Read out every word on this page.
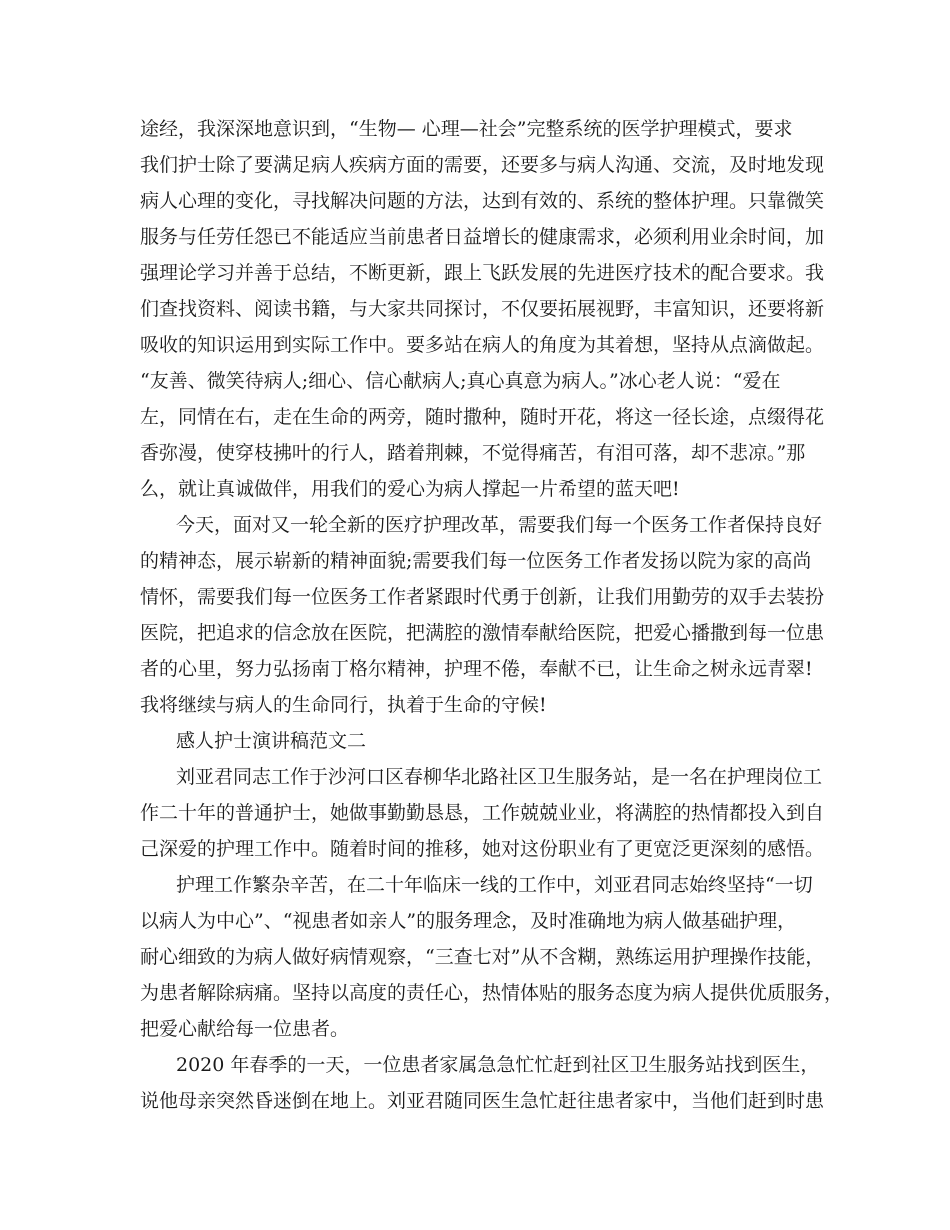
途经，我深深地意识到，“生物— 心理—社会”完整系统的医学护理模式，要求
我们护士除了要满足病人疾病方面的需要，还要多与病人沟通、交流，及时地发现
病人心理的变化，寻找解决问题的方法，达到有效的、系统的整体护理。只靠微笑
服务与任劳任怨已不能适应当前患者日益增长的健康需求，必须利用业余时间，加
强理论学习并善于总结，不断更新，跟上飞跃发展的先进医疗技术的配合要求。我
们查找资料、阅读书籍，与大家共同探讨，不仅要拓展视野，丰富知识，还要将新
吸收的知识运用到实际工作中。要多站在病人的角度为其着想，坚持从点滴做起。
“友善、微笑待病人;细心、信心献病人;真心真意为病人。”冰心老人说：“爱在
左，同情在右，走在生命的两旁，随时撒种，随时开花，将这一径长途，点缀得花
香弥漫，使穿枝拂叶的行人，踏着荆棘，不觉得痛苦，有泪可落，却不悲凉。”那
么，就让真诚做伴，用我们的爱心为病人撑起一片希望的蓝天吧!
今天，面对又一轮全新的医疗护理改革，需要我们每一个医务工作者保持良好
的精神态，展示崭新的精神面貌;需要我们每一位医务工作者发扬以院为家的高尚
情怀，需要我们每一位医务工作者紧跟时代勇于创新，让我们用勤劳的双手去装扮
医院，把追求的信念放在医院，把满腔的激情奉献给医院，把爱心播撒到每一位患
者的心里，努力弘扬南丁格尔精神，护理不倦，奉献不已，让生命之树永远青翠!
我将继续与病人的生命同行，执着于生命的守候!
感人护士演讲稿范文二
刘亚君同志工作于沙河口区春柳华北路社区卫生服务站，是一名在护理岗位工
作二十年的普通护士，她做事勤勤恳恳，工作兢兢业业，将满腔的热情都投入到自
己深爱的护理工作中。随着时间的推移，她对这份职业有了更宽泛更深刻的感悟。
护理工作繁杂辛苦，在二十年临床一线的工作中，刘亚君同志始终坚持“一切
以病人为中心”、“视患者如亲人”的服务理念，及时准确地为病人做基础护理，
耐心细致的为病人做好病情观察，“三查七对”从不含糊，熟练运用护理操作技能，
为患者解除病痛。坚持以高度的责任心，热情体贴的服务态度为病人提供优质服务，
把爱心献给每一位患者。
2020 年春季的一天，一位患者家属急急忙忙赶到社区卫生服务站找到医生，
说他母亲突然昏迷倒在地上。刘亚君随同医生急忙赶往患者家中，当他们赶到时患
